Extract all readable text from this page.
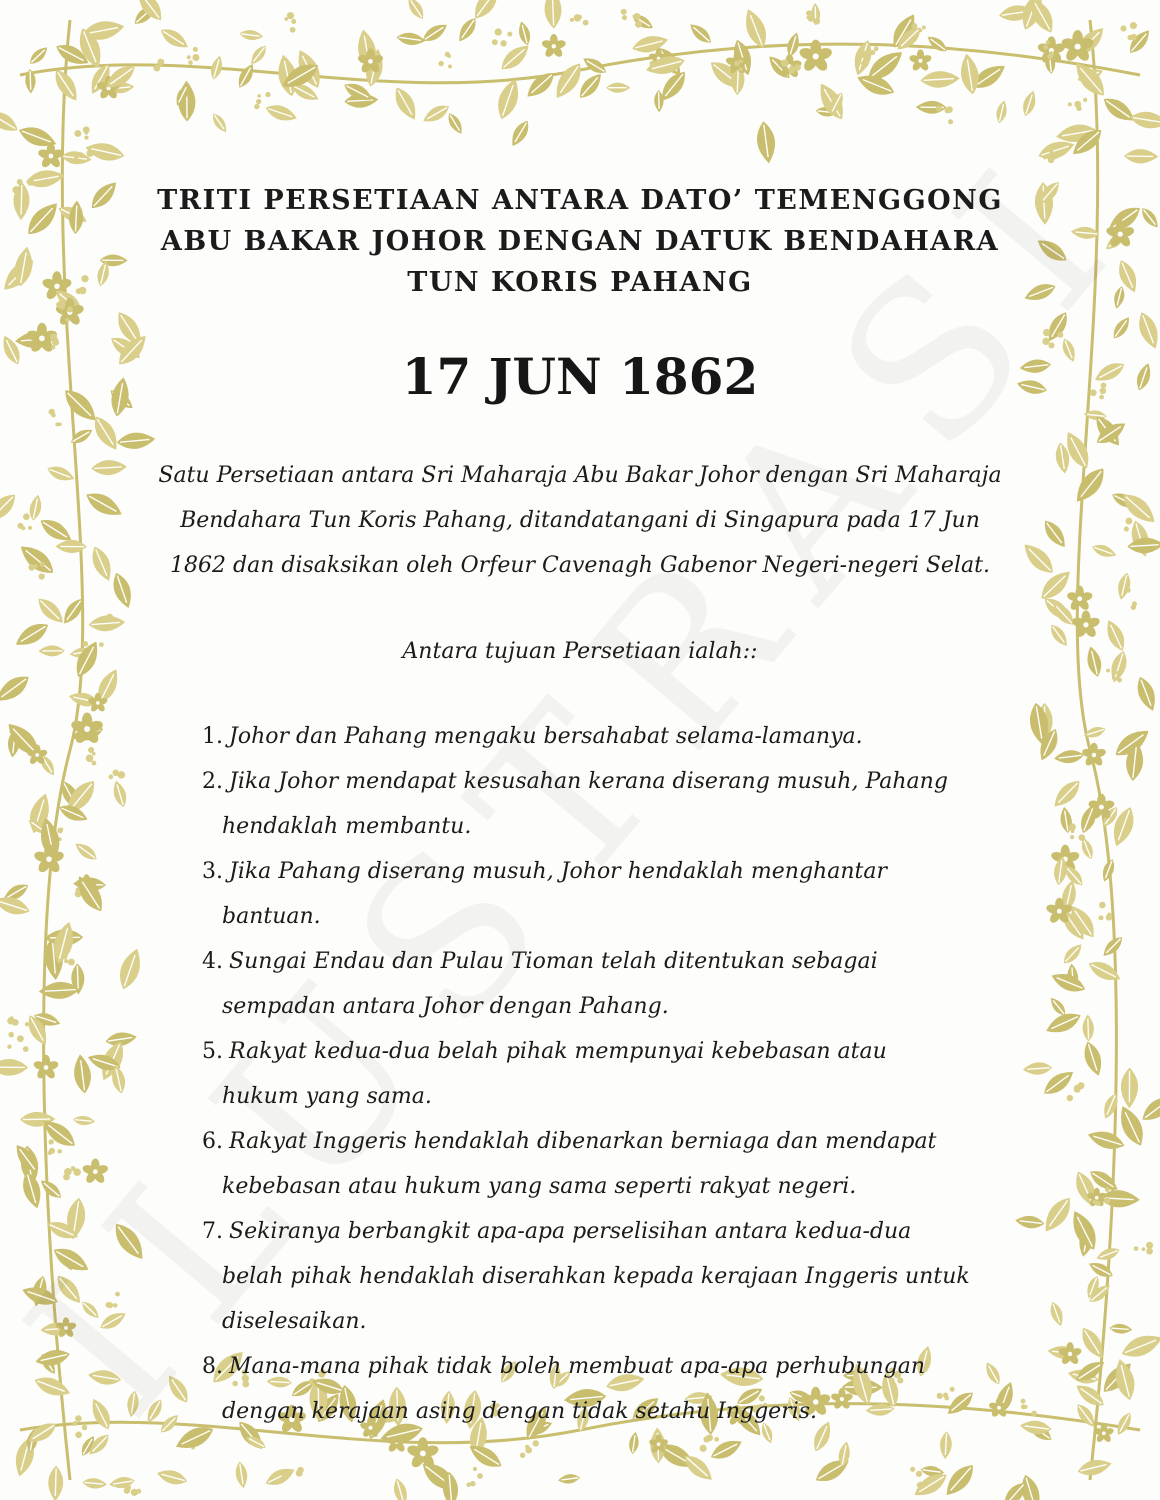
TRITI PERSETIAAN ANTARA DATO’ TEMENGGONG
ABU BAKAR JOHOR DENGAN DATUK BENDAHARA
TUN KORIS PAHANG
17 JUN 1862

Satu Persetiaan antara Sri Maharaja Abu Bakar Johor dengan Sri Maharaja Bendahara Tun Koris Pahang, ditandatangani di Singapura pada 17 Jun 1862 dan disaksikan oleh Orfeur Cavenagh Gabenor Negeri-negeri Selat.

Antara tujuan Persetiaan ialah::

1. Johor dan Pahang mengaku bersahabat selama-lamanya.
2. Jika Johor mendapat kesusahan kerana diserang musuh, Pahang hendaklah membantu.
3. Jika Pahang diserang musuh, Johor hendaklah menghantar bantuan.
4. Sungai Endau dan Pulau Tioman telah ditentukan sebagai sempadan antara Johor dengan Pahang.
5. Rakyat kedua-dua belah pihak mempunyai kebebasan atau hukum yang sama.
6. Rakyat Inggeris hendaklah dibenarkan berniaga dan mendapat kebebasan atau hukum yang sama seperti rakyat negeri.
7. Sekiranya berbangkit apa-apa perselisihan antara kedua-dua belah pihak hendaklah diserahkan kepada kerajaan Inggeris untuk diselesaikan.
8. Mana-mana pihak tidak boleh membuat apa-apa perhubungan dengan kerajaan asing dengan tidak setahu Inggeris.
